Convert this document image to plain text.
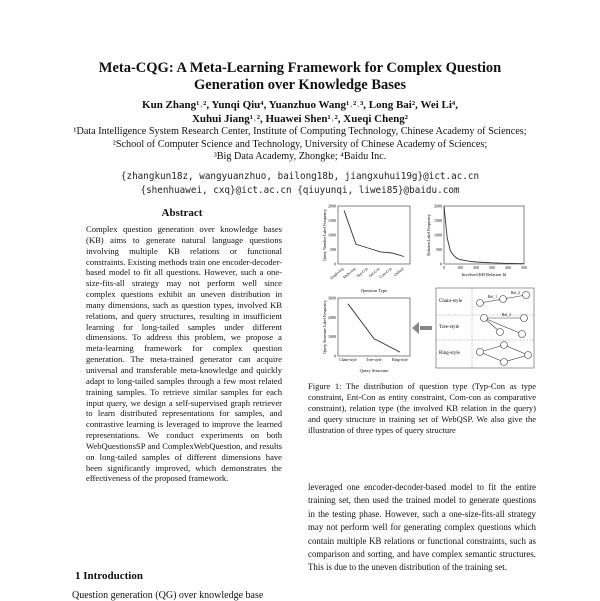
Meta-CQG: A Meta-Learning Framework for Complex Question
Generation over Knowledge Bases
Kun Zhang¹˒², Yunqi Qiu⁴, Yuanzhuo Wang¹˒²˒³, Long Bai², Wei Li⁴,
Xuhui Jiang¹˒², Huawei Shen¹˒², Xueqi Cheng²
¹Data Intelligence System Research Center, Institute of Computing Technology, Chinese Academy of Sciences;
²School of Computer Science and Technology, University of Chinese Academy of Sciences;
³Big Data Academy, Zhongke; ⁴Baidu Inc.
{zhangkun18z, wangyuanzhuo, bailong18b, jiangxuhui19g}@ict.ac.cn
{shenhuawei, cxq}@ict.ac.cn {qiuyunqi, liwei85}@baidu.com
Abstract

Complex question generation over knowledge bases (KB) aims to generate natural language questions involving multiple KB relations or functional constraints. Existing methods train one encoder-decoder-based model to fit all questions. However, such a one-size-fits-all strategy may not perform well since complex questions exhibit an uneven distribution in many dimensions, such as question types, involved KB relations, and query structures, resulting in insufficient learning for long-tailed samples under different dimensions. To address this problem, we propose a meta-learning framework for complex question generation. The meta-trained generator can acquire universal and transferable meta-knowledge and quickly adapt to long-tailed samples through a few most related training samples. To retrieve similar samples for each input query, we design a self-supervised graph retriever to learn distributed representations for samples, and contrastive learning is leveraged to improve the learned representations. We conduct experiments on both WebQuestionsSP and ComplexWebQuestion, and results on long-tailed samples of different dimensions have been significantly improved, which demonstrates the effectiveness of the proposed framework.

1 Introduction
Question generation (QG) over knowledge base
2000
1500
1000
500
0
Single-hop
Multi-hop Typ-Con Ent-Con
Com-Con Ordinal
Question Type
Query Number Label Frequency
2000
1500
1000
500
0
0	100	200	300	400	500
Involved KB Relation Id
Relation Label Frequency
3000
2000
1000
0
Chain-style	Tree-style	Ring-style
Query Structure
Query Structure Label Frequency	Chain-style
Tree-style
Ring-style
Rel_1
Rel_2
Rel_3
Figure 1: The distribution of question type (Typ-Con as type constraint, Ent-Con as entity constraint, Com-con as comparative constraint), relation type (the involved KB relation in the query) and query structure in training set of WebQSP. We also give the illustration of three types of query structure

leveraged one encoder-decoder-based model to fit the entire training set, then used the trained model to generate questions in the testing phase. However, such a one-size-fits-all strategy may not perform well for generating complex questions which contain multiple KB relations or functional constraints, such as comparison and sorting, and have complex semantic structures. This is due to the uneven distribution of the training set.
